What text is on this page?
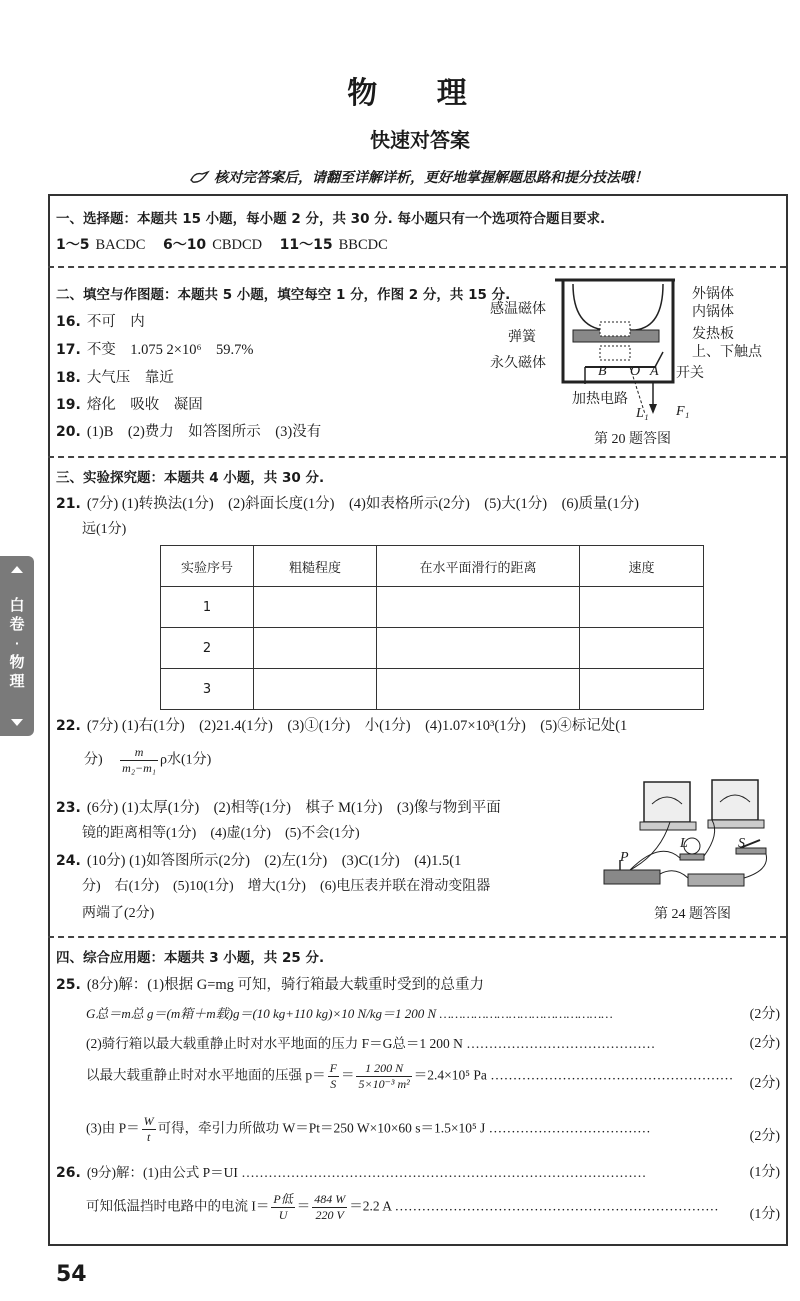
物 理
快速对答案
核对完答案后，请翻至详解详析，更好地掌握解题思路和提分技法哦！
一、选择题：本题共 15 小题，每小题 2 分，共 30 分. 每小题只有一个选项符合题目要求.
1～5 BACDC 6～10 CBDCD 11～15 BBCDC
二、填空与作图题：本题共 5 小题，填空每空 1 分，作图 2 分，共 15 分.
16. 不可　内
17. 不变　1.075 2×10⁶　59.7%
18. 大气压　靠近
19. 熔化　吸收　凝固
20. (1)B　(2)费力　如答图所示　(3)没有
外锅体
内锅体
发热板
上、下触点
开关
感温磁体
弹簧
永久磁体
加热电路
B O A
L₁ F₁
第 20 题答图
三、实验探究题：本题共 4 小题，共 30 分.
21. (7分) (1)转换法(1分)　(2)斜面长度(1分)　(4)如表格所示(2分)　(5)大(1分)　(6)质量(1分)
远(1分)
实验序号	粗糙程度	在水平面滑行的距离	速度
1			
2			
3			
22. (7分) (1)右(1分)　(2)21.4(1分)　(3)①(1分)　小(1分)　(4)1.07×10³(1分)　(5)④标记处(1
分) $\frac{m}{\text{m₂−m₁}}$ ρ水(1分)
23. (6分) (1)太厚(1分)　(2)相等(1分)　棋子 M(1分)　(3)像与物到平面
镜的距离相等(1分)　(4)虚(1分)　(5)不会(1分)
24. (10分) (1)如答图所示(2分)　(2)左(1分)　(3)C(1分)　(4)1.5(1
分)　右(1分)　(5)10(1分)　增大(1分)　(6)电压表并联在滑动变阻器
两端了(2分)
P
L	S
第 24 题答图
四、综合应用题：本题共 3 小题，共 25 分.
25. (8分)解：(1)根据 G=mg 可知，骑行箱最大载重时受到的总重力
G总＝m总 g＝(m箱＋m载)g＝(10 kg+110 kg)×10 N/kg＝1 200 N ………………………………………	(2分)
(2)骑行箱以最大载重静止时对水平地面的压力 F＝G总＝1 200 N ……………………………………	(2分)
以最大载重静止时对水平地面的压强 $p= \frac{F}{S} = \frac{1 200 N}{\text{5×10⁻³ m²}} =2.4\times 10^5$ Pa ………………………………………………
(2分)
(3)由 $P= \frac{W}{t}$ 可得，牵引力所做功 W＝Pt＝250 W×10×60 s＝1.5×10⁵ J ………………………………
(2分)
26. (9分)解：(1)由公式 P＝UI ………………………………………………………………………………	(1分)
可知低温挡时电路中的电流 $I= \frac{\text{P低}}{U} = \frac{484 W}{220 V} =2.2$ A ………………………………………………………………
(1分)
白
卷
·
物
理
54
